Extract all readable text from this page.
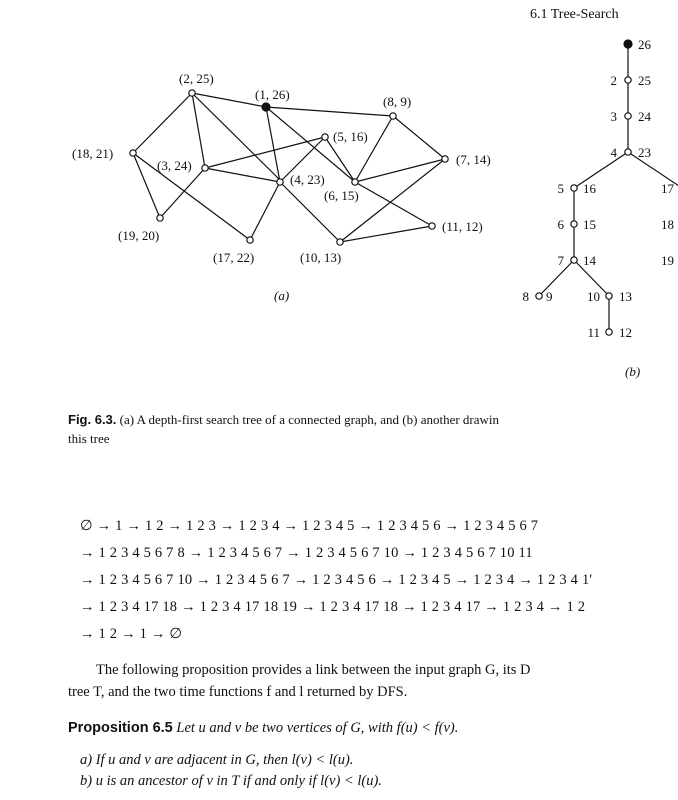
6.1 Tree-Search
(1, 26)
(2, 25)
(3, 24)
(4, 23)
(5, 16)
(6, 15)
(7, 14)
(8, 9)
(10, 13)
(11, 12)
(17, 22)
(18, 21)
(19, 20)
(a)
26
2 25
3 24
4 23
5 16
6 15
7 14
8 9	10 13
11 12
17
18
19
(b)
Fig. 6.3. (a) A depth-first search tree of a connected graph, and (b) another drawin
this tree
∅ → 1 → 1 2 → 1 2 3 → 1 2 3 4 → 1 2 3 4 5 → 1 2 3 4 5 6 → 1 2 3 4 5 6 7
→ 1 2 3 4 5 6 7 8 → 1 2 3 4 5 6 7 → 1 2 3 4 5 6 7 10 → 1 2 3 4 5 6 7 10 11
→ 1 2 3 4 5 6 7 10 → 1 2 3 4 5 6 7 → 1 2 3 4 5 6 → 1 2 3 4 5 → 1 2 3 4 → 1 2 3 4 1'
→ 1 2 3 4 17 18 → 1 2 3 4 17 18 19 → 1 2 3 4 17 18 → 1 2 3 4 17 → 1 2 3 4 → 1 2
→ 1 2 → 1 → ∅
The following proposition provides a link between the input graph G, its D
tree T, and the two time functions f and l returned by DFS.
Proposition 6.5 Let u and v be two vertices of G, with f(u) < f(v).
a) If u and v are adjacent in G, then l(v) < l(u).
b) u is an ancestor of v in T if and only if l(v) < l(u).
